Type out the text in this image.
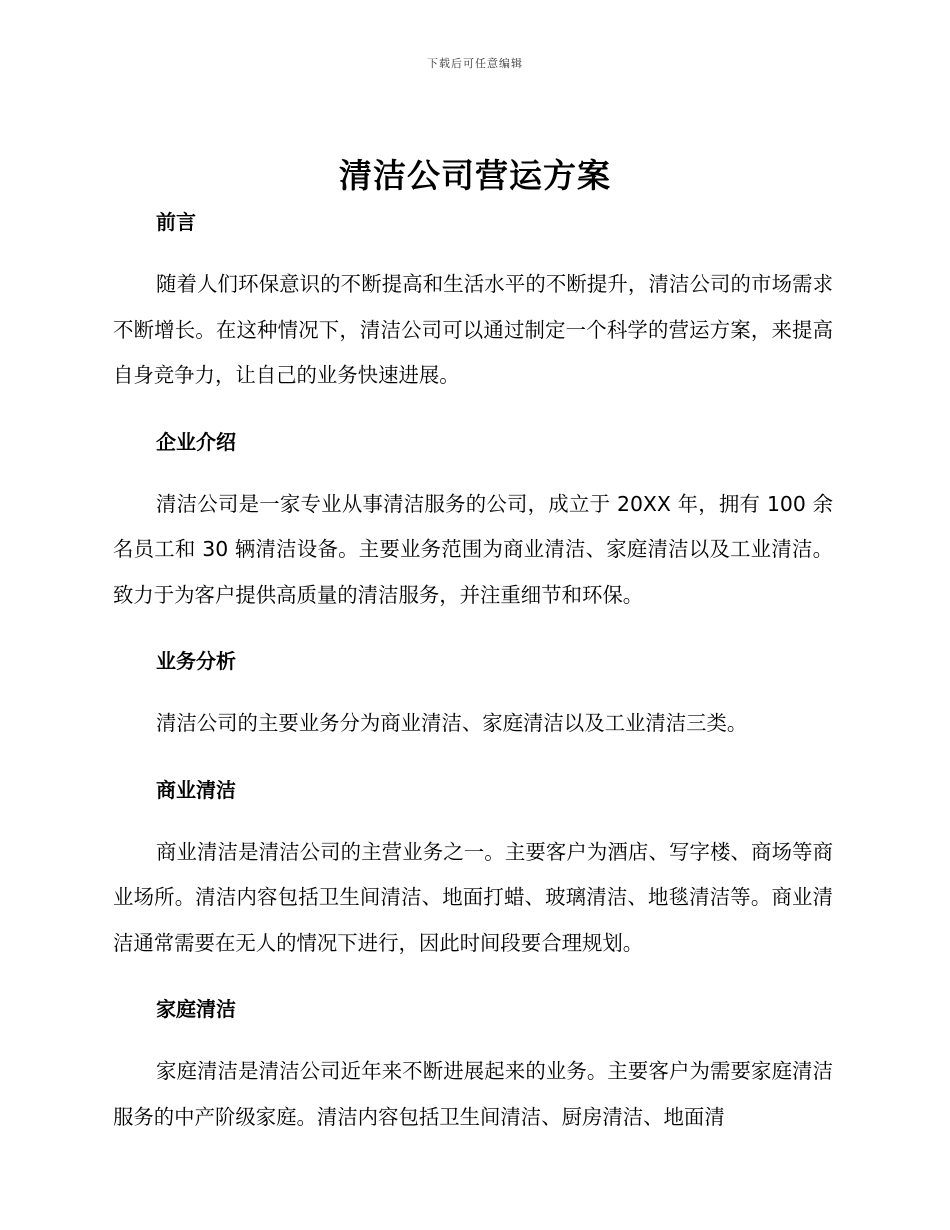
下载后可任意编辑
清洁公司营运方案

前言

随着人们环保意识的不断提高和生活水平的不断提升，清洁公司的市场需求不断增长。在这种情况下，清洁公司可以通过制定一个科学的营运方案，来提高自身竞争力，让自己的业务快速进展。

企业介绍

清洁公司是一家专业从事清洁服务的公司，成立于 20XX 年，拥有 100 余名员工和 30 辆清洁设备。主要业务范围为商业清洁、家庭清洁以及工业清洁。致力于为客户提供高质量的清洁服务，并注重细节和环保。

业务分析

清洁公司的主要业务分为商业清洁、家庭清洁以及工业清洁三类。

商业清洁

商业清洁是清洁公司的主营业务之一。主要客户为酒店、写字楼、商场等商业场所。清洁内容包括卫生间清洁、地面打蜡、玻璃清洁、地毯清洁等。商业清洁通常需要在无人的情况下进行，因此时间段要合理规划。

家庭清洁

家庭清洁是清洁公司近年来不断进展起来的业务。主要客户为需要家庭清洁服务的中产阶级家庭。清洁内容包括卫生间清洁、厨房清洁、地面清
